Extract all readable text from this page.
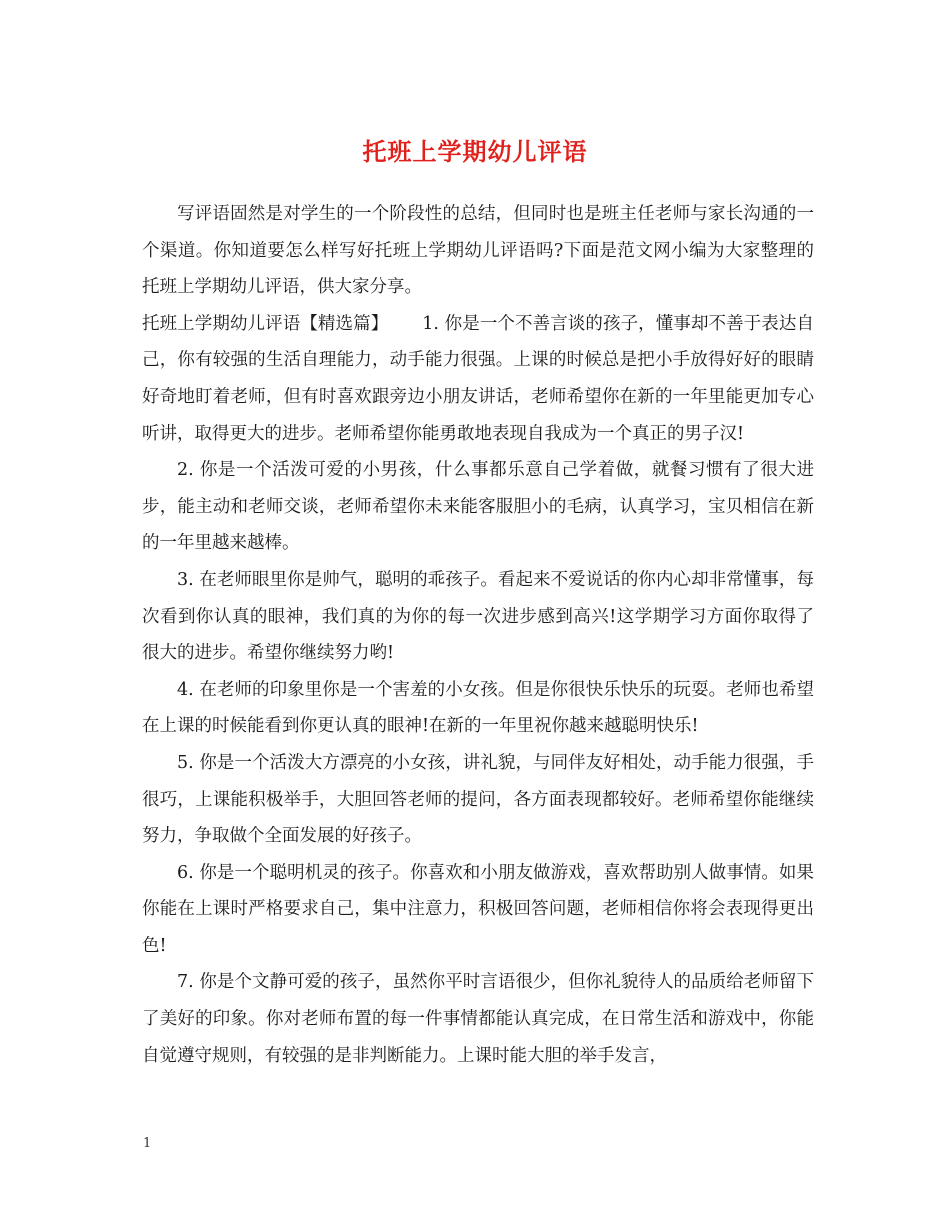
托班上学期幼儿评语

写评语固然是对学生的一个阶段性的总结，但同时也是班主任老师与家长沟通的一个渠道。你知道要怎么样写好托班上学期幼儿评语吗?下面是范文网小编为大家整理的托班上学期幼儿评语，供大家分享。

托班上学期幼儿评语【精选篇】 1. 你是一个不善言谈的孩子，懂事却不善于表达自己，你有较强的生活自理能力，动手能力很强。上课的时候总是把小手放得好好的眼睛好奇地盯着老师，但有时喜欢跟旁边小朋友讲话，老师希望你在新的一年里能更加专心听讲，取得更大的进步。老师希望你能勇敢地表现自我成为一个真正的男子汉!

2. 你是一个活泼可爱的小男孩，什么事都乐意自己学着做，就餐习惯有了很大进步，能主动和老师交谈，老师希望你未来能客服胆小的毛病，认真学习，宝贝相信在新的一年里越来越棒。

3. 在老师眼里你是帅气，聪明的乖孩子。看起来不爱说话的你内心却非常懂事，每次看到你认真的眼神，我们真的为你的每一次进步感到高兴!这学期学习方面你取得了很大的进步。希望你继续努力哟!

4. 在老师的印象里你是一个害羞的小女孩。但是你很快乐快乐的玩耍。老师也希望在上课的时候能看到你更认真的眼神!在新的一年里祝你越来越聪明快乐!

5. 你是一个活泼大方漂亮的小女孩，讲礼貌，与同伴友好相处，动手能力很强，手很巧，上课能积极举手，大胆回答老师的提问，各方面表现都较好。老师希望你能继续努力，争取做个全面发展的好孩子。

6. 你是一个聪明机灵的孩子。你喜欢和小朋友做游戏，喜欢帮助别人做事情。如果你能在上课时严格要求自己，集中注意力，积极回答问题，老师相信你将会表现得更出色!

7. 你是个文静可爱的孩子，虽然你平时言语很少，但你礼貌待人的品质给老师留下了美好的印象。你对老师布置的每一件事情都能认真完成，在日常生活和游戏中，你能自觉遵守规则，有较强的是非判断能力。上课时能大胆的举手发言，

1
